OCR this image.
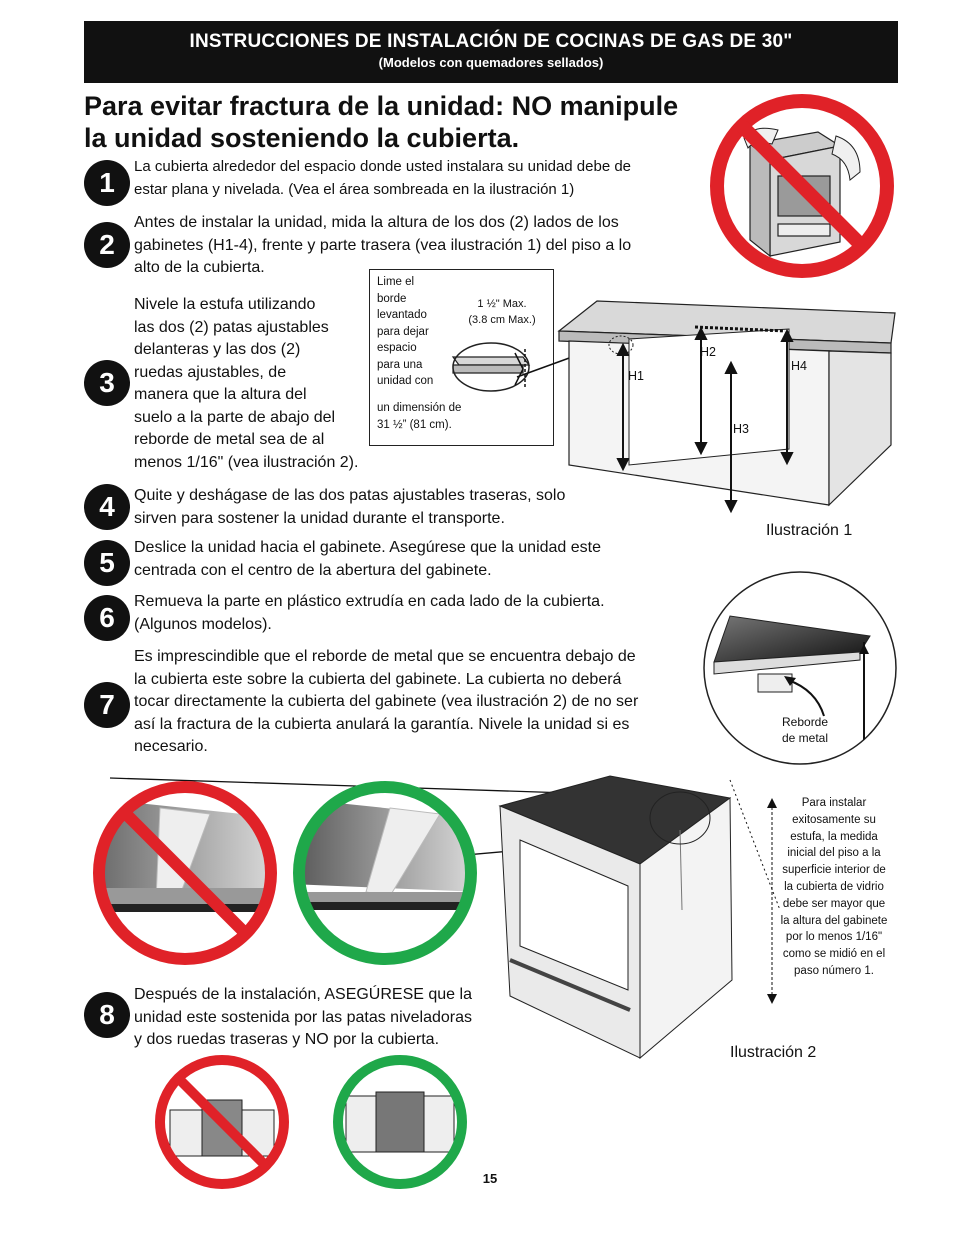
INSTRUCCIONES DE INSTALACIÓN DE COCINAS DE GAS DE 30"
(Modelos con quemadores sellados)
Para evitar fractura de la unidad: NO manipule
la unidad sosteniendo la cubierta.
1
2
3
4
5
6
7
8
La cubierta alrededor del espacio donde usted instalara su unidad debe de
estar plana y nivelada. (Vea el área sombreada en la ilustración 1)
Antes de instalar la unidad, mida la altura de los dos (2) lados de los
gabinetes (H1-4), frente y parte trasera (vea ilustración 1) del piso a lo
alto de la cubierta.
Nivele la estufa utilizando
las dos (2) patas ajustables
delanteras y las dos (2)
ruedas ajustables, de
manera que la altura del
suelo a la parte de abajo del
reborde de metal sea de al
menos 1/16" (vea ilustración 2).
Quite y deshágase de las dos patas ajustables traseras, solo
sirven para sostener la unidad durante el transporte.
Deslice la unidad hacia el gabinete. Asegúrese que la unidad este
centrada con el centro de la abertura del gabinete.
Remueva la parte en plástico extrudía en cada lado de la cubierta.
(Algunos modelos).
Es imprescindible que el reborde de metal que se encuentra debajo de
la cubierta este sobre la cubierta del gabinete. La cubierta no deberá
tocar directamente la cubierta del gabinete (vea ilustración 2) de no ser
así la fractura de la cubierta anulará la garantía. Nivele la unidad si es
necesario.
Después de la instalación, ASEGÚRESE que la
unidad este sostenida por las patas niveladoras
y dos ruedas traseras y NO por la cubierta.
Lime el
borde
levantado
para dejar
espacio
para una
unidad con
un dimensión de
31 ½” (81 cm).
1 ½" Max.
(3.8 cm Max.)
H1
H2
H3
H4
Ilustración 1
Reborde
de metal
Para instalar
exitosamente su
estufa, la medida
inicial del piso a la
superficie interior de
la cubierta de vidrio
debe ser mayor que
la altura del gabinete
por lo menos 1/16"
como se midió en el
paso número 1.
Ilustración 2
15
